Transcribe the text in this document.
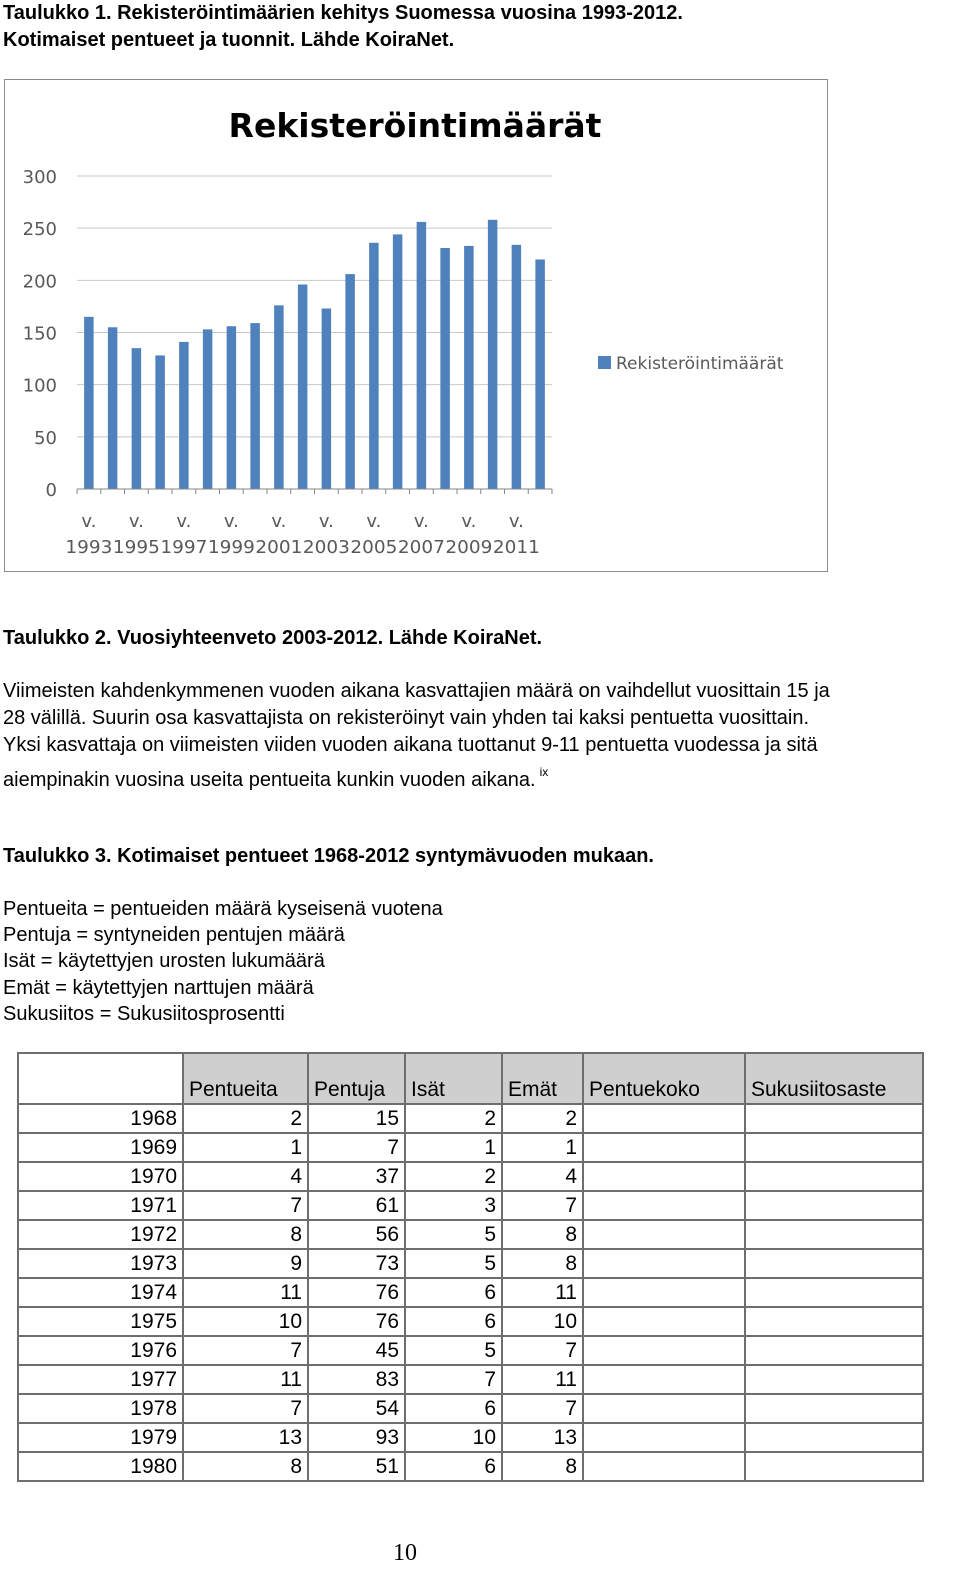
Taulukko 1. Rekisteröintimäärien kehitys Suomessa vuosina 1993-2012.
Kotimaiset pentueet ja tuonnit. Lähde KoiraNet.
Rekisteröintimäärät
0
50
100
150
200
250
300
v.
1993
v.
1995
v.
1997
v.
1999
v.
2001
v.
2003
v.
2005
v.
2007
v.
2009
v.
2011
Rekisteröintimäärät
Taulukko 2. Vuosiyhteenveto 2003-2012. Lähde KoiraNet.
Viimeisten kahdenkymmenen vuoden aikana kasvattajien määrä on vaihdellut vuosittain 15 ja
28 välillä. Suurin osa kasvattajista on rekisteröinyt vain yhden tai kaksi pentuetta vuosittain.
Yksi kasvattaja on viimeisten viiden vuoden aikana tuottanut 9-11 pentuetta vuodessa ja sitä
aiempinakin vuosina useita pentueita kunkin vuoden aikana. $^{ix}$
Taulukko 3. Kotimaiset pentueet 1968-2012 syntymävuoden mukaan.
Pentueita = pentueiden määrä kyseisenä vuotena
Pentuja = syntyneiden pentujen määrä
Isät = käytettyjen urosten lukumäärä
Emät = käytettyjen narttujen määrä
Sukusiitos = Sukusiitosprosentti
	Pentueita	Pentuja	Isät	Emät	Pentuekoko	Sukusiitosaste
1968	2	15	2	2		
1969	1	7	1	1		
1970	4	37	2	4		
1971	7	61	3	7		
1972	8	56	5	8		
1973	9	73	5	8		
1974	11	76	6	11		
1975	10	76	6	10		
1976	7	45	5	7		
1977	11	83	7	11		
1978	7	54	6	7		
1979	13	93	10	13		
1980	8	51	6	8		
10
